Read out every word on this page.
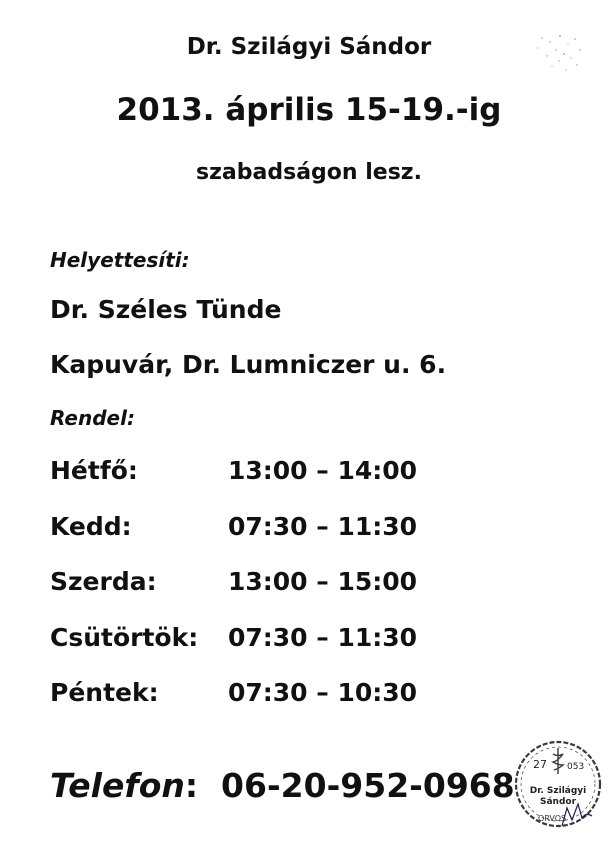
Dr. Szilágyi Sándor
2013. április 15-19.-ig
szabadságon lesz.
Helyettesíti:
Dr. Széles Tünde
Kapuvár, Dr. Lumniczer u. 6.
Rendel:
Hétfő:	13:00 – 14:00
Kedd:	07:30 – 11:30
Szerda:	13:00 – 15:00
Csütörtök: 07:30 – 11:30
Péntek:	07:30 – 10:30
Telefon: 06-20-952-0968
27 053
Dr. Szilágyi
Sándor
ORVOS
